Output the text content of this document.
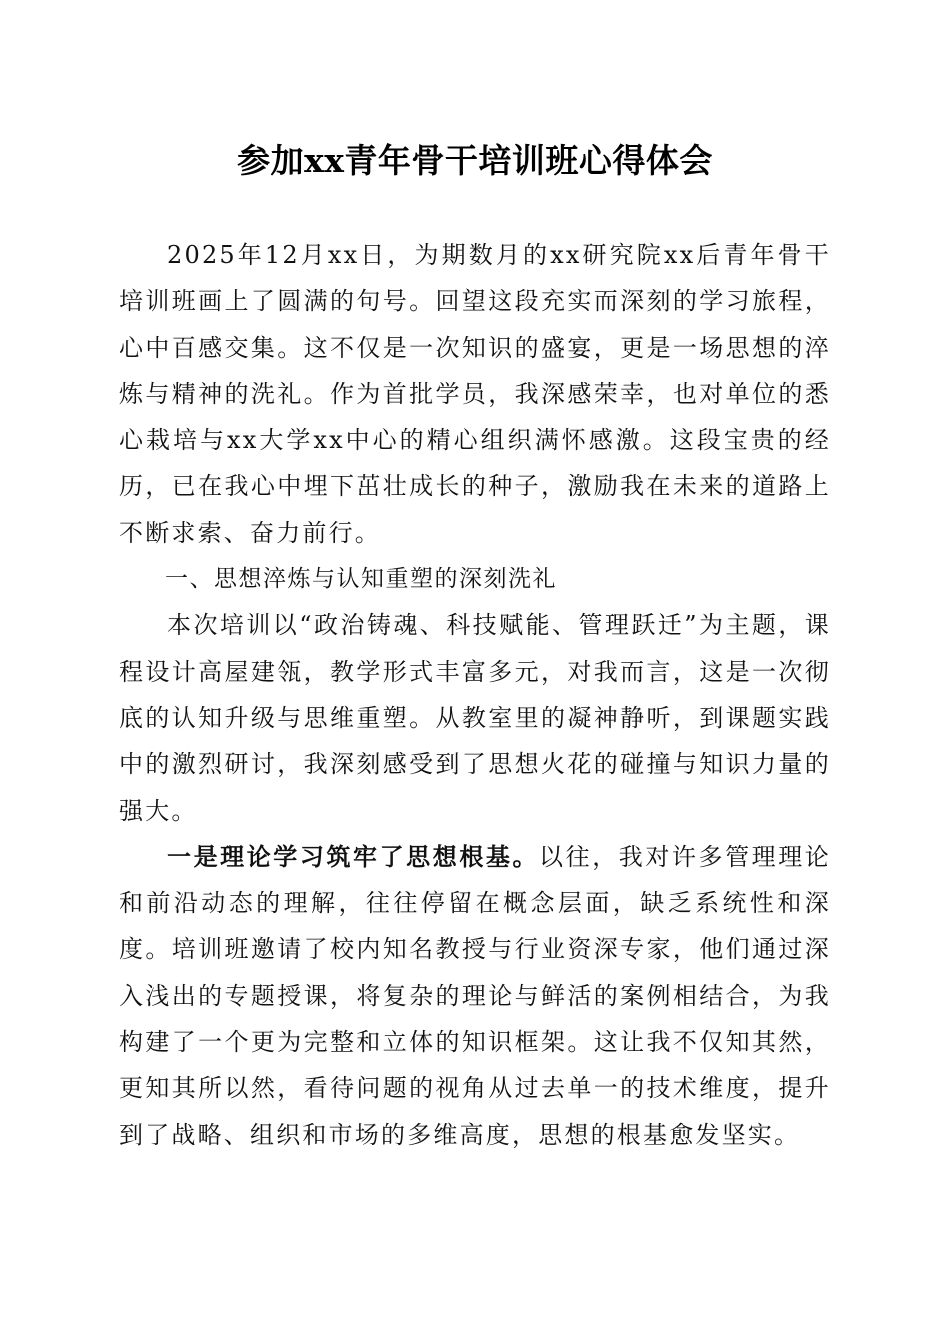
参加xx青年骨干培训班心得体会

2025年12月xx日，为期数月的xx研究院xx后青年骨干培训班画上了圆满的句号。回望这段充实而深刻的学习旅程，心中百感交集。这不仅是一次知识的盛宴，更是一场思想的淬炼与精神的洗礼。作为首批学员，我深感荣幸，也对单位的悉心栽培与xx大学xx中心的精心组织满怀感激。这段宝贵的经历，已在我心中埋下茁壮成长的种子，激励我在未来的道路上不断求索、奋力前行。

一、思想淬炼与认知重塑的深刻洗礼

本次培训以“政治铸魂、科技赋能、管理跃迁”为主题，课程设计高屋建瓴，教学形式丰富多元，对我而言，这是一次彻底的认知升级与思维重塑。从教室里的凝神静听，到课题实践中的激烈研讨，我深刻感受到了思想火花的碰撞与知识力量的强大。

一是理论学习筑牢了思想根基。以往，我对许多管理理论和前沿动态的理解，往往停留在概念层面，缺乏系统性和深度。培训班邀请了校内知名教授与行业资深专家，他们通过深入浅出的专题授课，将复杂的理论与鲜活的案例相结合，为我构建了一个更为完整和立体的知识框架。这让我不仅知其然，更知其所以然，看待问题的视角从过去单一的技术维度，提升到了战略、组织和市场的多维高度，思想的根基愈发坚实。
